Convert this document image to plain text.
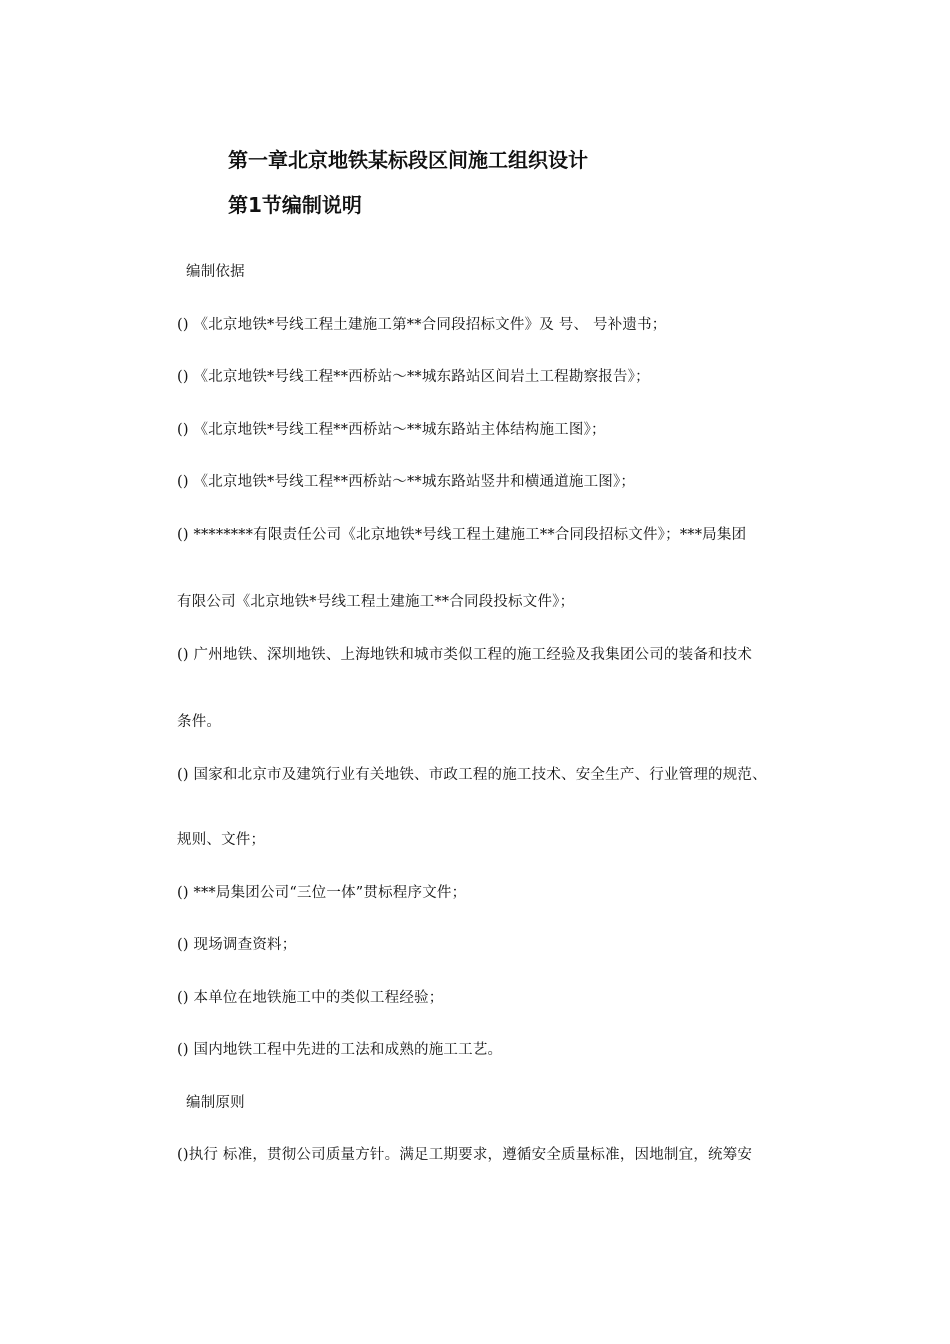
第一章北京地铁某标段区间施工组织设计
第1节编制说明
编制依据
() 《北京地铁*号线工程土建施工第**合同段招标文件》及 号、 号补遗书；
() 《北京地铁*号线工程**西桥站～**城东路站区间岩土工程勘察报告》；
() 《北京地铁*号线工程**西桥站～**城东路站主体结构施工图》；
() 《北京地铁*号线工程**西桥站～**城东路站竖井和横通道施工图》；
() ********有限责任公司《北京地铁*号线工程土建施工**合同段招标文件》；***局集团
有限公司《北京地铁*号线工程土建施工**合同段投标文件》；
() 广州地铁、深圳地铁、上海地铁和城市类似工程的施工经验及我集团公司的装备和技术
条件。
() 国家和北京市及建筑行业有关地铁、市政工程的施工技术、安全生产、行业管理的规范、
规则、文件；
() ***局集团公司“三位一体”贯标程序文件；
() 现场调查资料；
() 本单位在地铁施工中的类似工程经验；
() 国内地铁工程中先进的工法和成熟的施工工艺。
编制原则
()执行 标准，贯彻公司质量方针。满足工期要求，遵循安全质量标准，因地制宜，统筹安
